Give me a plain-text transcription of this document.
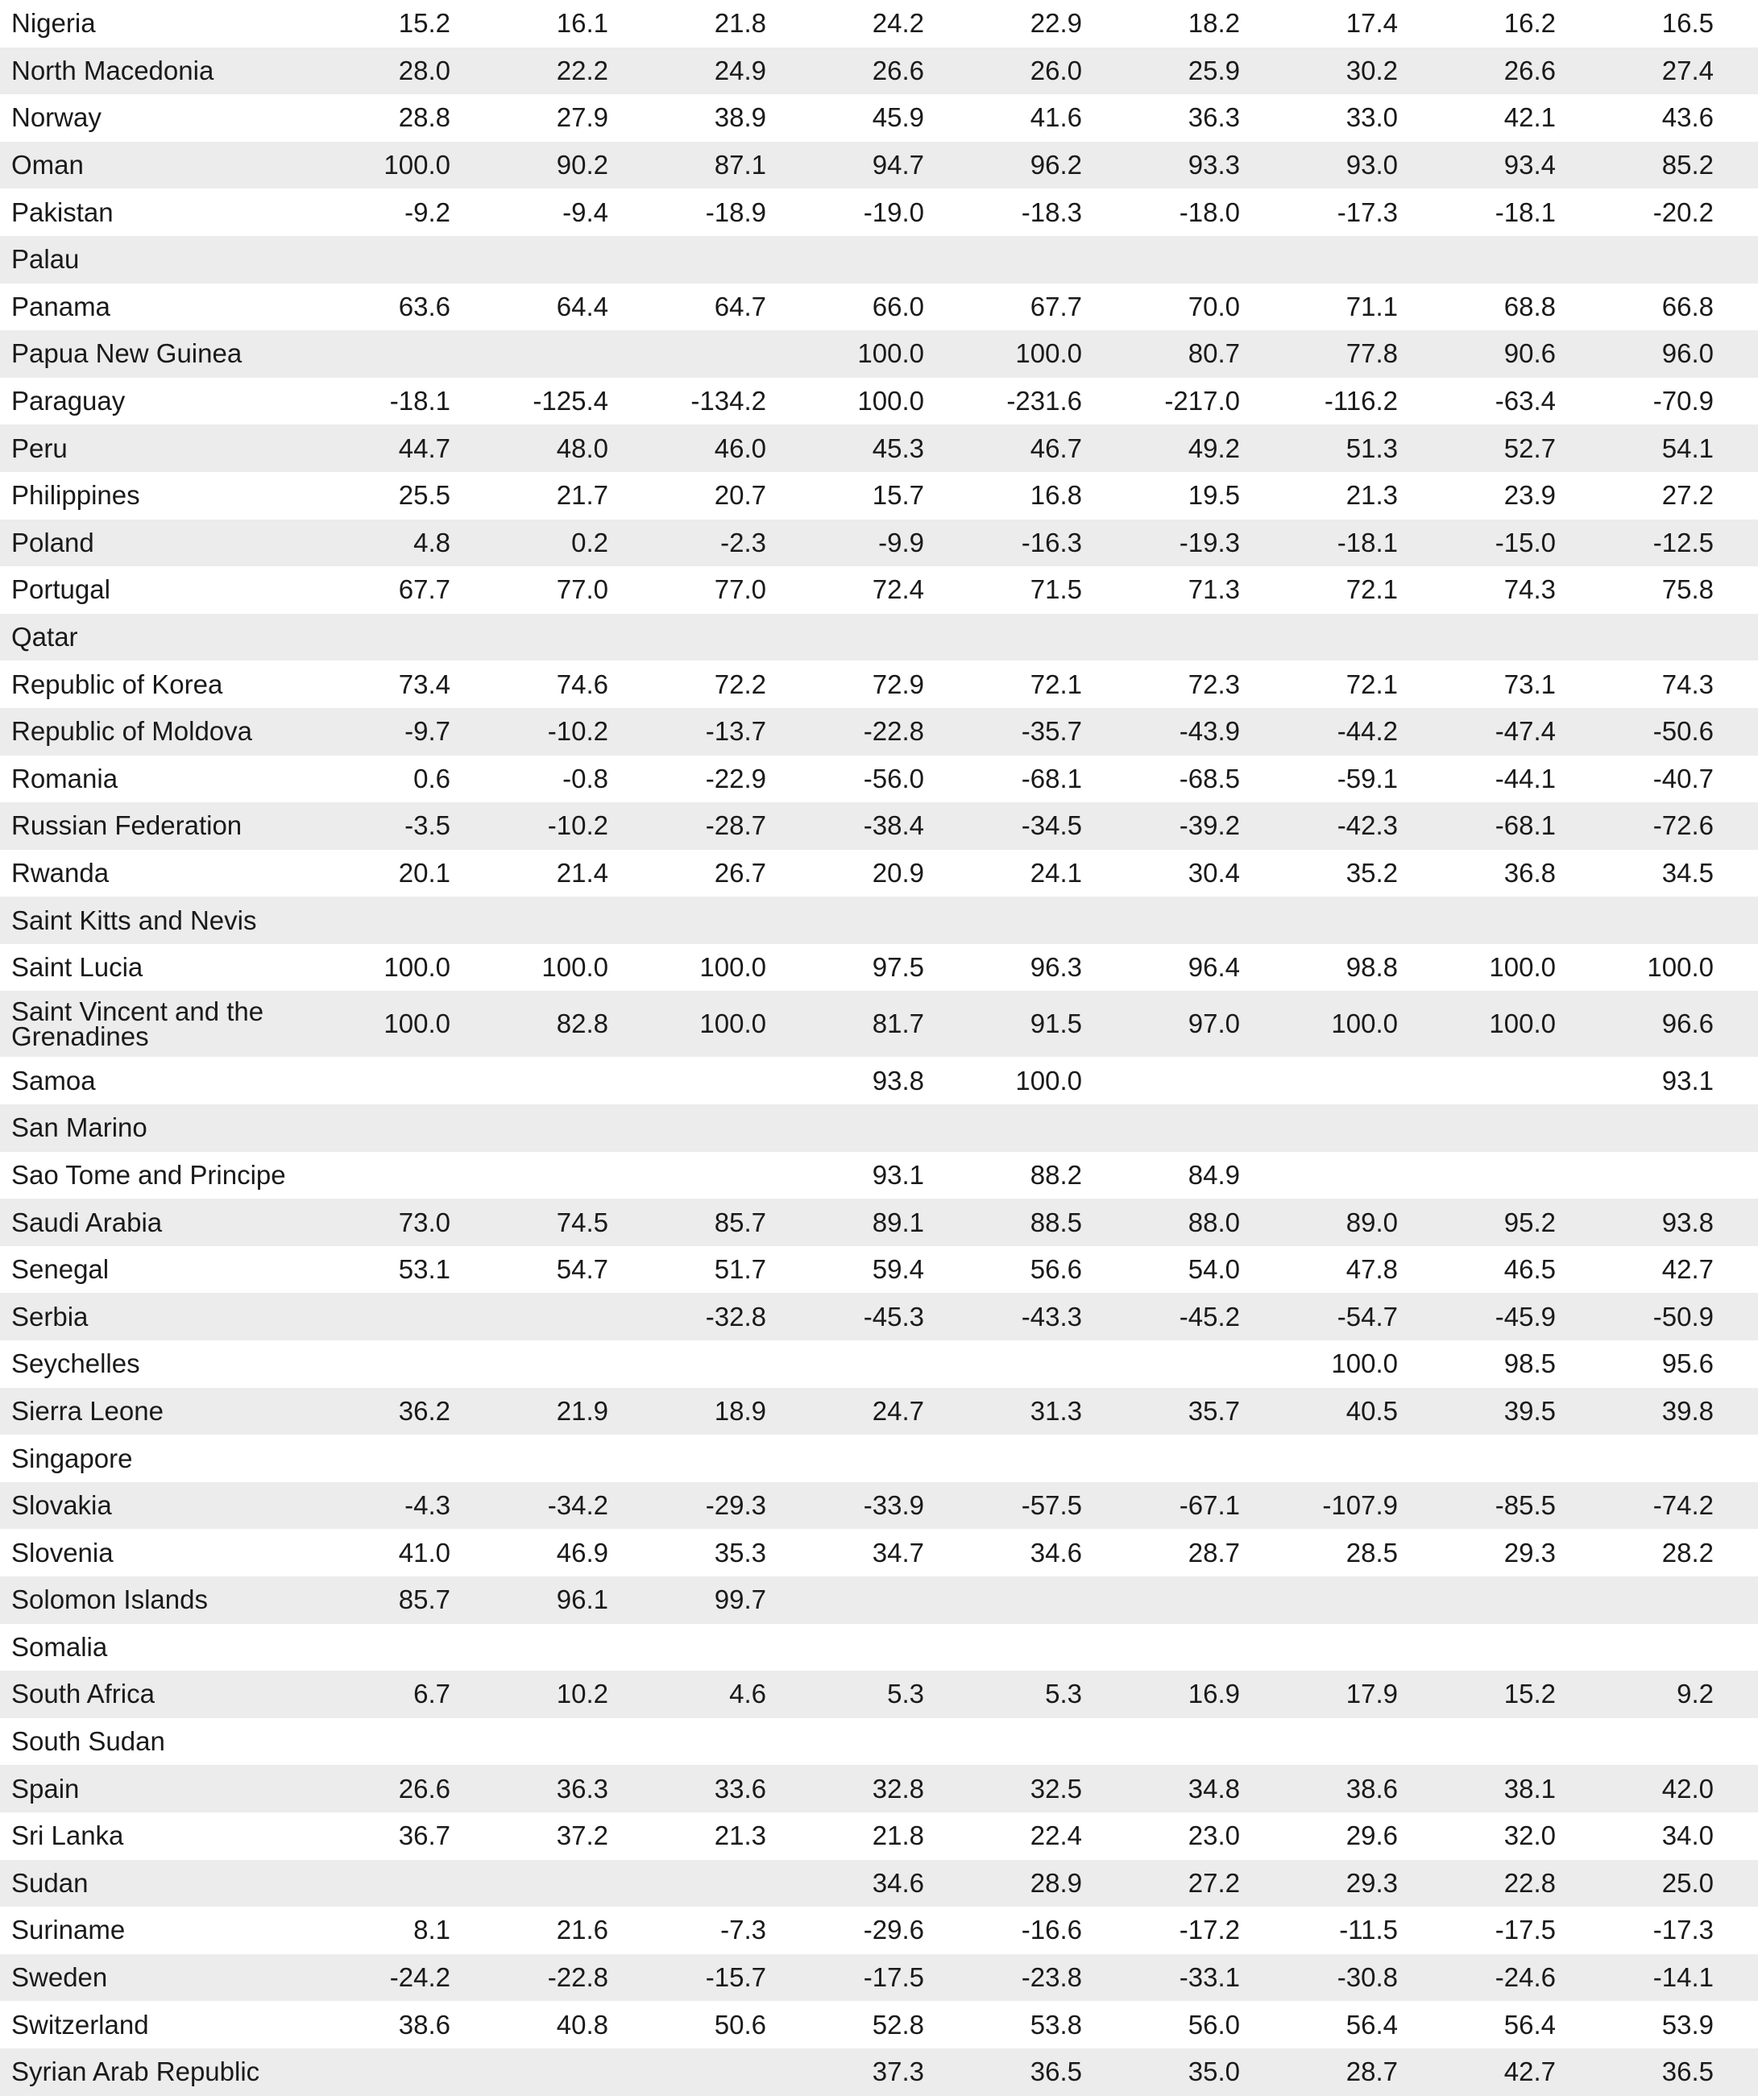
Nigeria	15.2	16.1	21.8	24.2	22.9	18.2	17.4	16.2	16.5
North Macedonia	28.0	22.2	24.9	26.6	26.0	25.9	30.2	26.6	27.4
Norway	28.8	27.9	38.9	45.9	41.6	36.3	33.0	42.1	43.6
Oman	100.0	90.2	87.1	94.7	96.2	93.3	93.0	93.4	85.2
Pakistan	-9.2	-9.4	-18.9	-19.0	-18.3	-18.0	-17.3	-18.1	-20.2
Palau									
Panama	63.6	64.4	64.7	66.0	67.7	70.0	71.1	68.8	66.8
Papua New Guinea				100.0	100.0	80.7	77.8	90.6	96.0
Paraguay	-18.1	-125.4	-134.2	100.0	-231.6	-217.0	-116.2	-63.4	-70.9
Peru	44.7	48.0	46.0	45.3	46.7	49.2	51.3	52.7	54.1
Philippines	25.5	21.7	20.7	15.7	16.8	19.5	21.3	23.9	27.2
Poland	4.8	0.2	-2.3	-9.9	-16.3	-19.3	-18.1	-15.0	-12.5
Portugal	67.7	77.0	77.0	72.4	71.5	71.3	72.1	74.3	75.8
Qatar									
Republic of Korea	73.4	74.6	72.2	72.9	72.1	72.3	72.1	73.1	74.3
Republic of Moldova	-9.7	-10.2	-13.7	-22.8	-35.7	-43.9	-44.2	-47.4	-50.6
Romania	0.6	-0.8	-22.9	-56.0	-68.1	-68.5	-59.1	-44.1	-40.7
Russian Federation	-3.5	-10.2	-28.7	-38.4	-34.5	-39.2	-42.3	-68.1	-72.6
Rwanda	20.1	21.4	26.7	20.9	24.1	30.4	35.2	36.8	34.5
Saint Kitts and Nevis									
Saint Lucia	100.0	100.0	100.0	97.5	96.3	96.4	98.8	100.0	100.0
Saint Vincent and the Grenadines	100.0	82.8	100.0	81.7	91.5	97.0	100.0	100.0	96.6
Samoa				93.8	100.0				93.1
San Marino									
Sao Tome and Principe				93.1	88.2	84.9			
Saudi Arabia	73.0	74.5	85.7	89.1	88.5	88.0	89.0	95.2	93.8
Senegal	53.1	54.7	51.7	59.4	56.6	54.0	47.8	46.5	42.7
Serbia			-32.8	-45.3	-43.3	-45.2	-54.7	-45.9	-50.9
Seychelles							100.0	98.5	95.6
Sierra Leone	36.2	21.9	18.9	24.7	31.3	35.7	40.5	39.5	39.8
Singapore									
Slovakia	-4.3	-34.2	-29.3	-33.9	-57.5	-67.1	-107.9	-85.5	-74.2
Slovenia	41.0	46.9	35.3	34.7	34.6	28.7	28.5	29.3	28.2
Solomon Islands	85.7	96.1	99.7						
Somalia									
South Africa	6.7	10.2	4.6	5.3	5.3	16.9	17.9	15.2	9.2
South Sudan									
Spain	26.6	36.3	33.6	32.8	32.5	34.8	38.6	38.1	42.0
Sri Lanka	36.7	37.2	21.3	21.8	22.4	23.0	29.6	32.0	34.0
Sudan				34.6	28.9	27.2	29.3	22.8	25.0
Suriname	8.1	21.6	-7.3	-29.6	-16.6	-17.2	-11.5	-17.5	-17.3
Sweden	-24.2	-22.8	-15.7	-17.5	-23.8	-33.1	-30.8	-24.6	-14.1
Switzerland	38.6	40.8	50.6	52.8	53.8	56.0	56.4	56.4	53.9
Syrian Arab Republic				37.3	36.5	35.0	28.7	42.7	36.5
